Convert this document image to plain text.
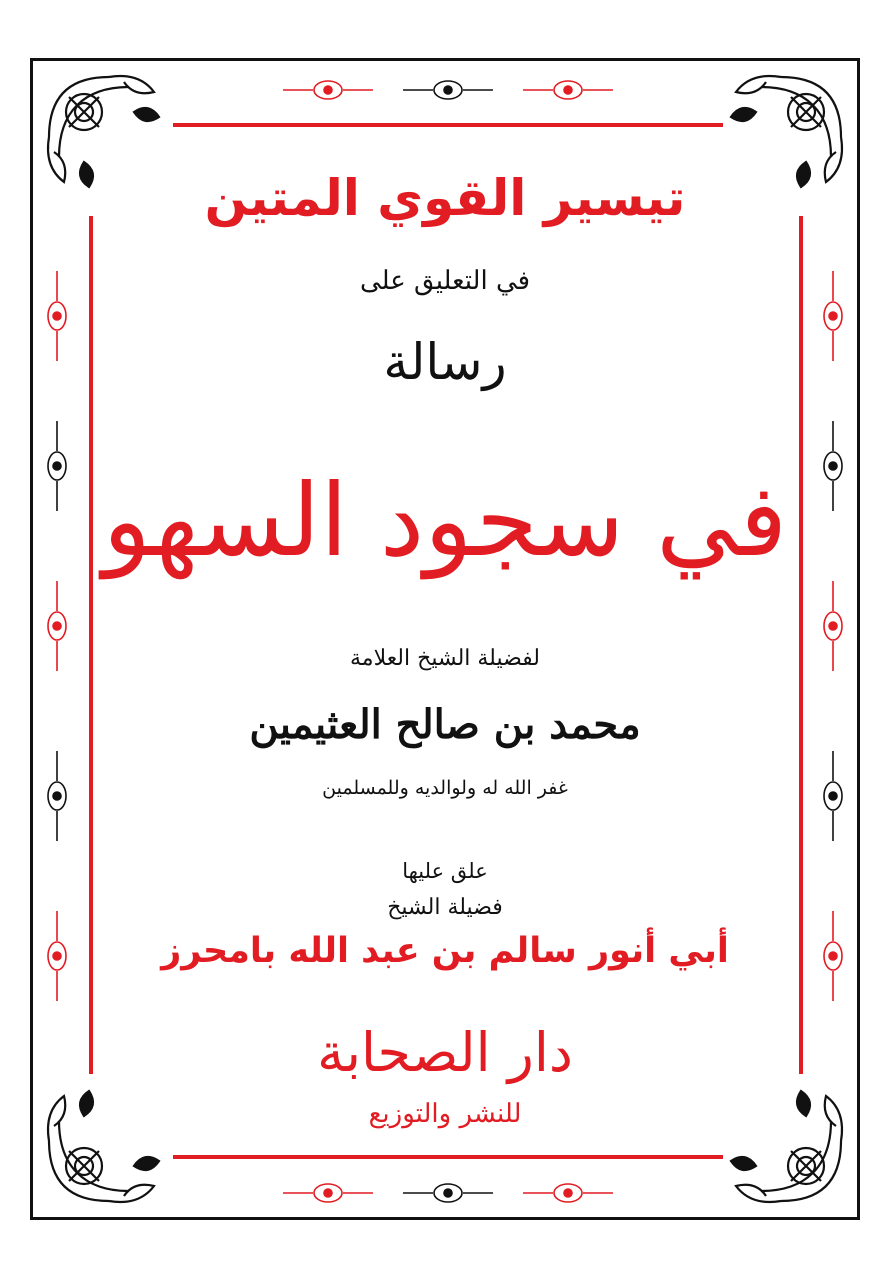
تيسير القوي المتين
في التعليق على
رسالة
في سجود السهو
لفضيلة الشيخ العلامة
محمد بن صالح العثيمين
غفر الله له ولوالديه وللمسلمين
علق عليها
فضيلة الشيخ
أبي أنور سالم بن عبد الله بامحرز
دار الصحابة
للنشر والتوزيع
